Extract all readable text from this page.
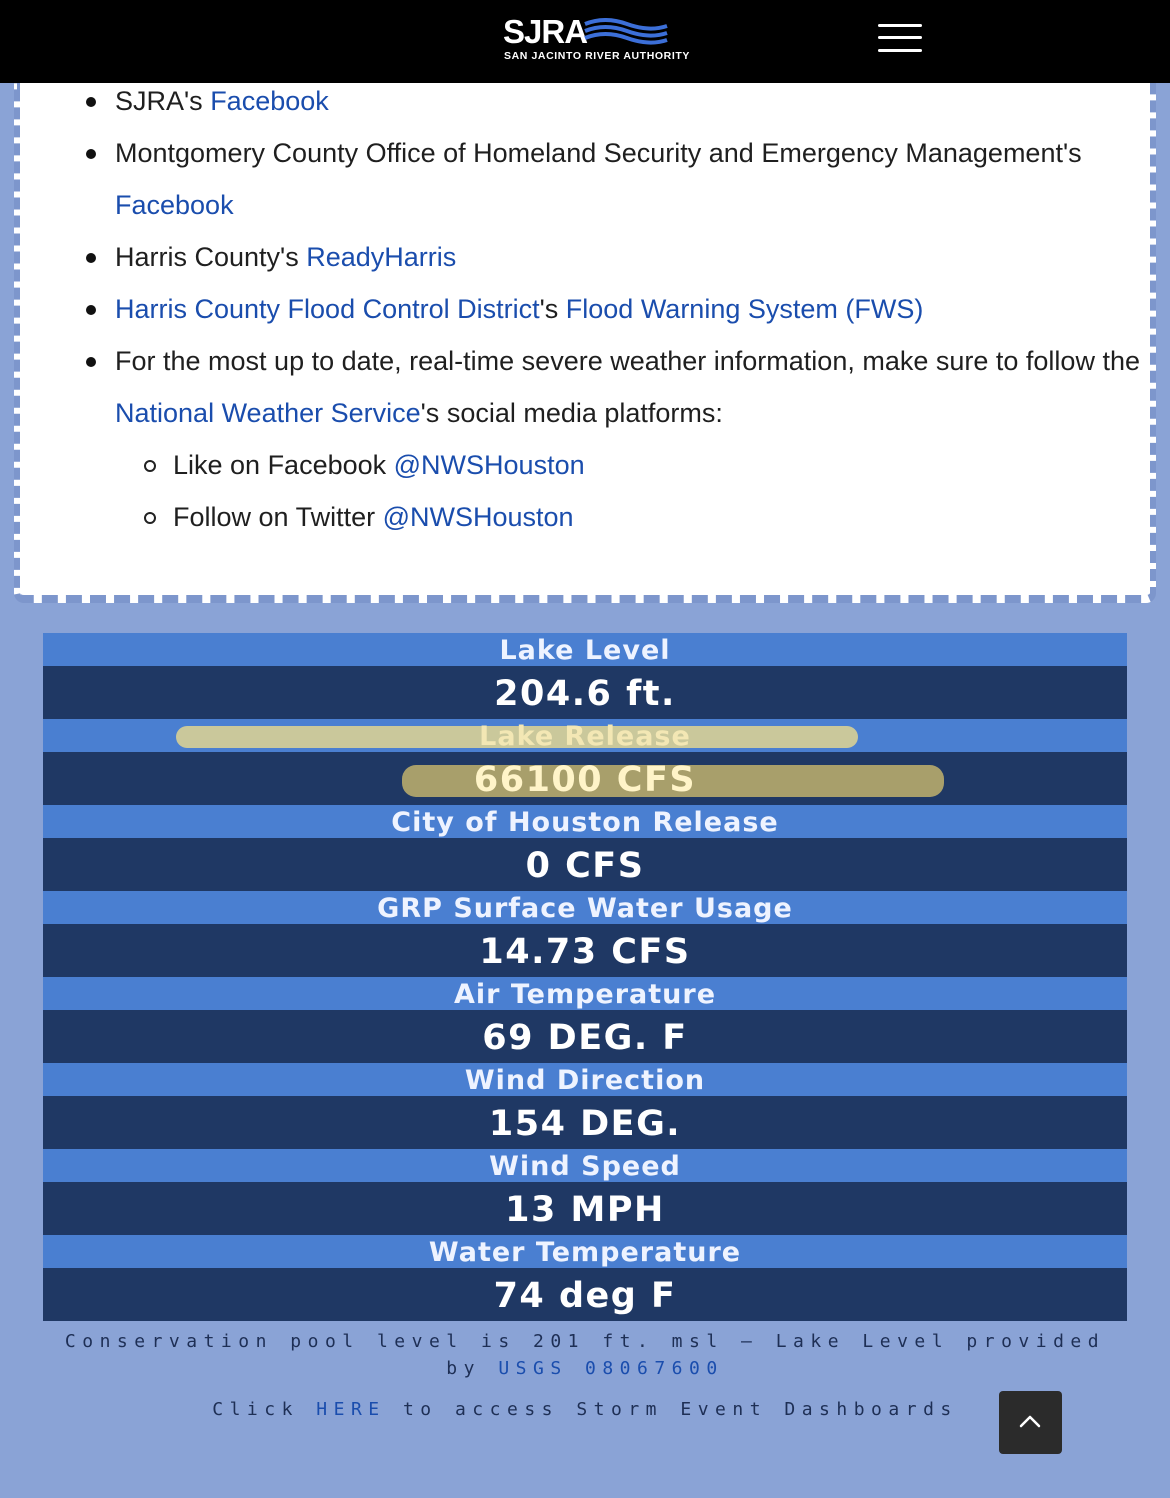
SJRA
SAN JACINTO RIVER AUTHORITY
SJRA's Facebook
Montgomery County Office of Homeland Security and Emergency Management's Facebook
Harris County's ReadyHarris
Harris County Flood Control District's Flood Warning System (FWS)
For the most up to date, real-time severe weather information, make sure to follow the National Weather Service's social media platforms:
Like on Facebook @NWSHouston
Follow on Twitter @NWSHouston
Lake Level
204.6 ft.
Lake Release
66100 CFS
City of Houston Release
0 CFS
GRP Surface Water Usage
14.73 CFS
Air Temperature
69 DEG. F
Wind Direction
154 DEG.
Wind Speed
13 MPH
Water Temperature
74 deg F
Conservation pool level is 201 ft. msl – Lake Level provided by USGS 08067600
Click HERE to access Storm Event Dashboards
